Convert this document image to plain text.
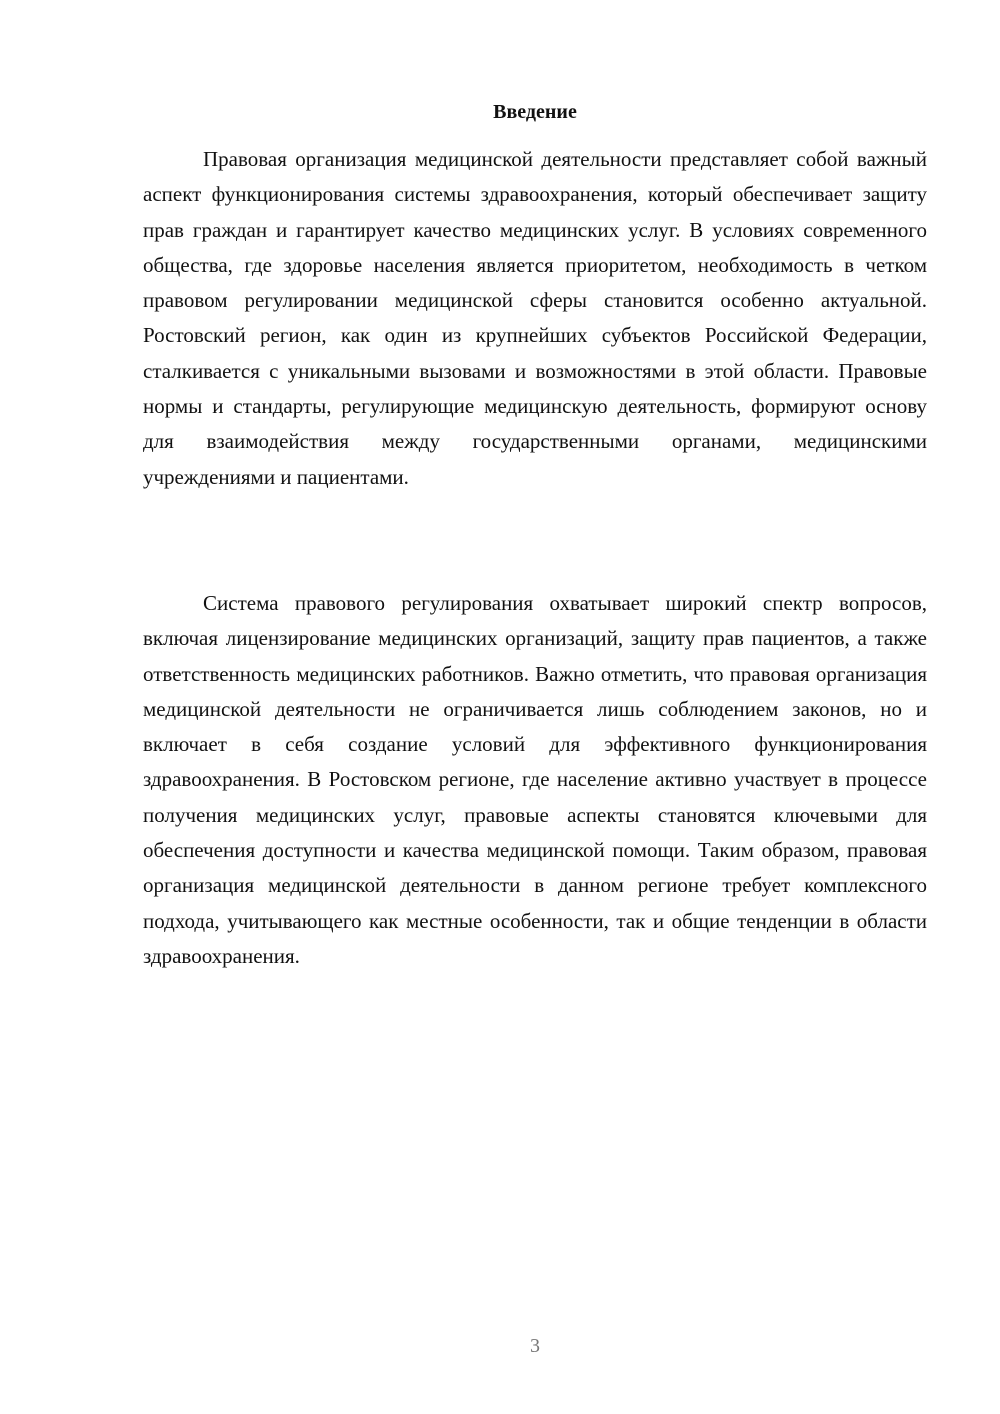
Введение

Правовая организация медицинской деятельности представляет собой важный аспект функционирования системы здравоохранения, который обеспечивает защиту прав граждан и гарантирует качество медицинских услуг. В условиях современного общества, где здоровье населения является приоритетом, необходимость в четком правовом регулировании медицинской сферы становится особенно актуальной. Ростовский регион, как один из крупнейших субъектов Российской Федерации, сталкивается с уникальными вызовами и возможностями в этой области. Правовые нормы и стандарты, регулирующие медицинскую деятельность, формируют основу для взаимодействия между государственными органами, медицинскими учреждениями и пациентами.

Система правового регулирования охватывает широкий спектр вопросов, включая лицензирование медицинских организаций, защиту прав пациентов, а также ответственность медицинских работников. Важно отметить, что правовая организация медицинской деятельности не ограничивается лишь соблюдением законов, но и включает в себя создание условий для эффективного функционирования здравоохранения. В Ростовском регионе, где население активно участвует в процессе получения медицинских услуг, правовые аспекты становятся ключевыми для обеспечения доступности и качества медицинской помощи. Таким образом, правовая организация медицинской деятельности в данном регионе требует комплексного подхода, учитывающего как местные особенности, так и общие тенденции в области здравоохранения.

3
